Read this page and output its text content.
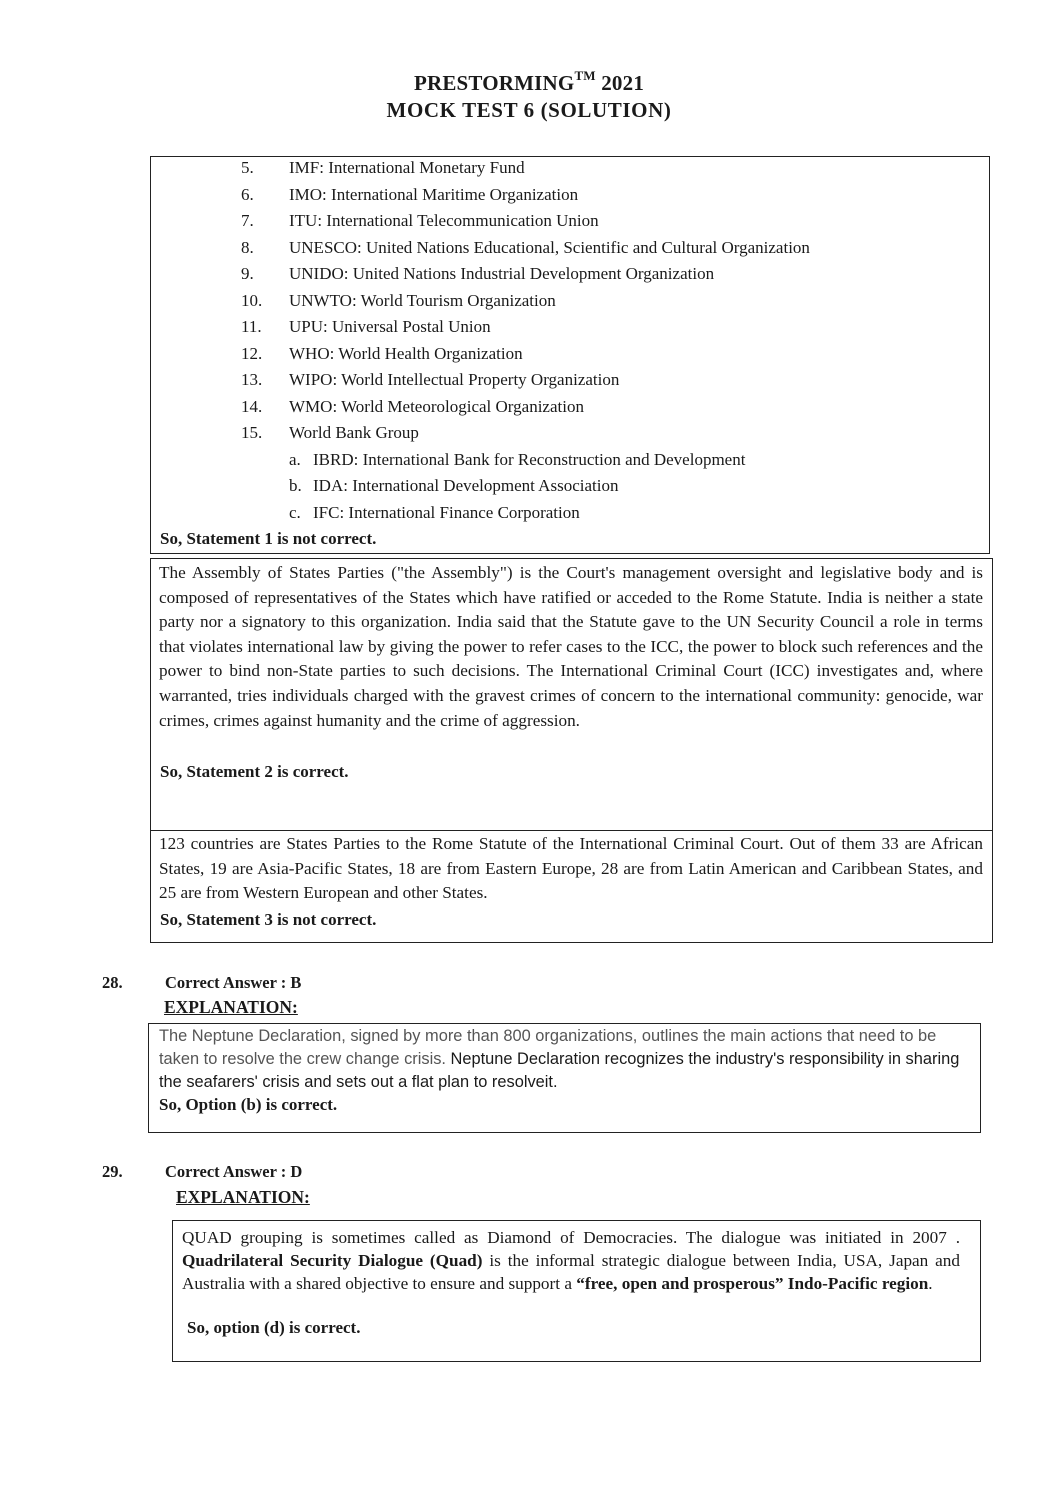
PRESTORMING™ 2021
MOCK TEST 6 (SOLUTION)
5.	IMF: International Monetary Fund
6.	IMO: International Maritime Organization
7.	ITU: International Telecommunication Union
8.	UNESCO: United Nations Educational, Scientific and Cultural Organization
9.	UNIDO: United Nations Industrial Development Organization
10.	UNWTO: World Tourism Organization
11.	UPU: Universal Postal Union
12.	WHO: World Health Organization
13.	WIPO: World Intellectual Property Organization
14.	WMO: World Meteorological Organization
15.	World Bank Group
a. IBRD: International Bank for Reconstruction and Development
b. IDA: International Development Association
c. IFC: International Finance Corporation
So, Statement 1 is not correct.
The Assembly of States Parties ("the Assembly") is the Court's management oversight and legislative body and is composed of representatives of the States which have ratified or acceded to the Rome Statute. India is neither a state party nor a signatory to this organization. India said that the Statute gave to the UN Security Council a role in terms that violates international law by giving the power to refer cases to the ICC, the power to block such references and the power to bind non-State parties to such decisions. The International Criminal Court (ICC) investigates and, where warranted, tries individuals charged with the gravest crimes of concern to the international community: genocide, war crimes, crimes against humanity and the crime of aggression.
So, Statement 2 is correct.
123 countries are States Parties to the Rome Statute of the International Criminal Court. Out of them 33 are African States, 19 are Asia-Pacific States, 18 are from Eastern Europe, 28 are from Latin American and Caribbean States, and 25 are from Western European and other States.
So, Statement 3 is not correct.
28.	Correct Answer : B
EXPLANATION:
The Neptune Declaration, signed by more than 800 organizations, outlines the main actions that need to be taken to resolve the crew change crisis. Neptune Declaration recognizes the industry's responsibility in sharing the seafarers' crisis and sets out a flat plan to resolveit.
So, Option (b) is correct.
29.	Correct Answer : D
EXPLANATION:
QUAD grouping is sometimes called as Diamond of Democracies. The dialogue was initiated in 2007 . Quadrilateral Security Dialogue (Quad) is the informal strategic dialogue between India, USA, Japan and Australia with a shared objective to ensure and support a “free, open and prosperous” Indo-Pacific region.
So, option (d) is correct.
